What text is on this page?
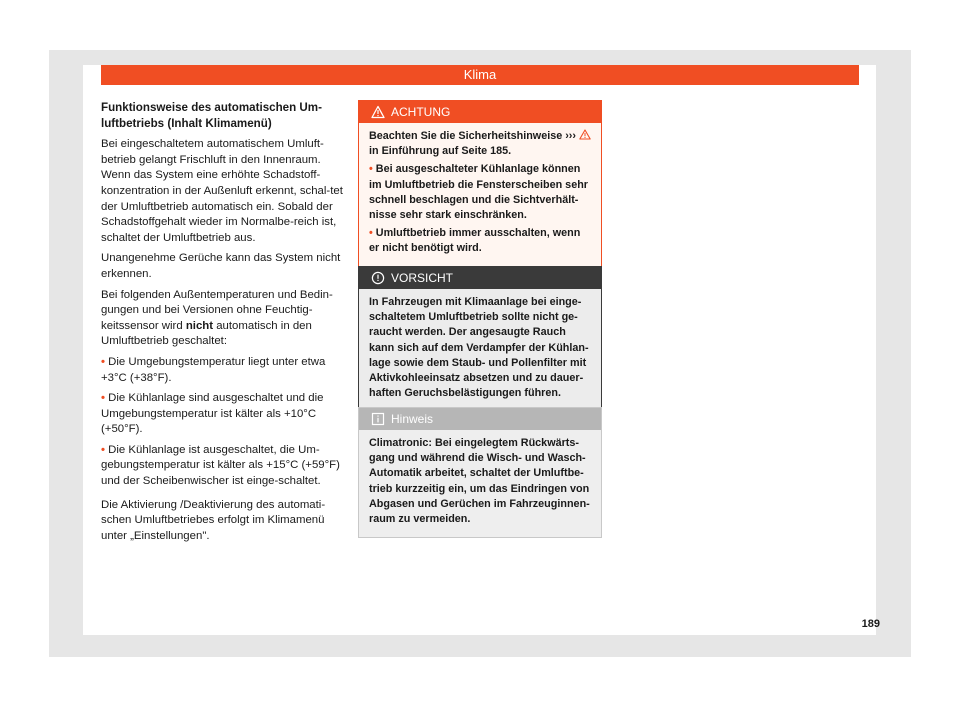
Klima
Funktionsweise des automatischen Um-luftbetriebs (Inhalt Klimamenü)

Bei eingeschaltetem automatischem Umluft-betrieb gelangt Frischluft in den Innenraum. Wenn das System eine erhöhte Schadstoff-konzentration in der Außenluft erkennt, schal-tet der Umluftbetrieb automatisch ein. Sobald der Schadstoffgehalt wieder im Normalbe-reich ist, schaltet der Umluftbetrieb aus.

Unangenehme Gerüche kann das System nicht erkennen.

Bei folgenden Außentemperaturen und Bedin-gungen und bei Versionen ohne Feuchtig-keitssensor wird nicht automatisch in den Umluftbetrieb geschaltet:

• Die Umgebungstemperatur liegt unter etwa +3°C (+38°F).
• Die Kühlanlage sind ausgeschaltet und die Umgebungstemperatur ist kälter als +10°C (+50°F).
• Die Kühlanlage ist ausgeschaltet, die Um-gebungstemperatur ist kälter als +15°C (+59°F) und der Scheibenwischer ist einge-schaltet.

Die Aktivierung /Deaktivierung des automati-schen Umluftbetriebes erfolgt im Klimamenü unter „Einstellungen".

ACHTUNG

Beachten Sie die Sicherheitshinweise ›››
in Einführung auf Seite 185.

• Bei ausgeschalteter Kühlanlage können im Umluftbetrieb die Fensterscheiben sehr schnell beschlagen und die Sichtverhält-nisse sehr stark einschränken.

• Umluftbetrieb immer ausschalten, wenn er nicht benötigt wird.

VORSICHT

In Fahrzeugen mit Klimaanlage bei einge-schaltetem Umluftbetrieb sollte nicht ge-raucht werden. Der angesaugte Rauch kann sich auf dem Verdampfer der Kühlan-lage sowie dem Staub- und Pollenfilter mit Aktivkohleeinsatz absetzen und zu dauer-haften Geruchsbelästigungen führen.

Hinweis

Climatronic: Bei eingelegtem Rückwärts-gang und während die Wisch- und Wasch-Automatik arbeitet, schaltet der Umluftbe-trieb kurzzeitig ein, um das Eindringen von Abgasen und Gerüchen im Fahrzeuginnen-raum zu vermeiden.

189
